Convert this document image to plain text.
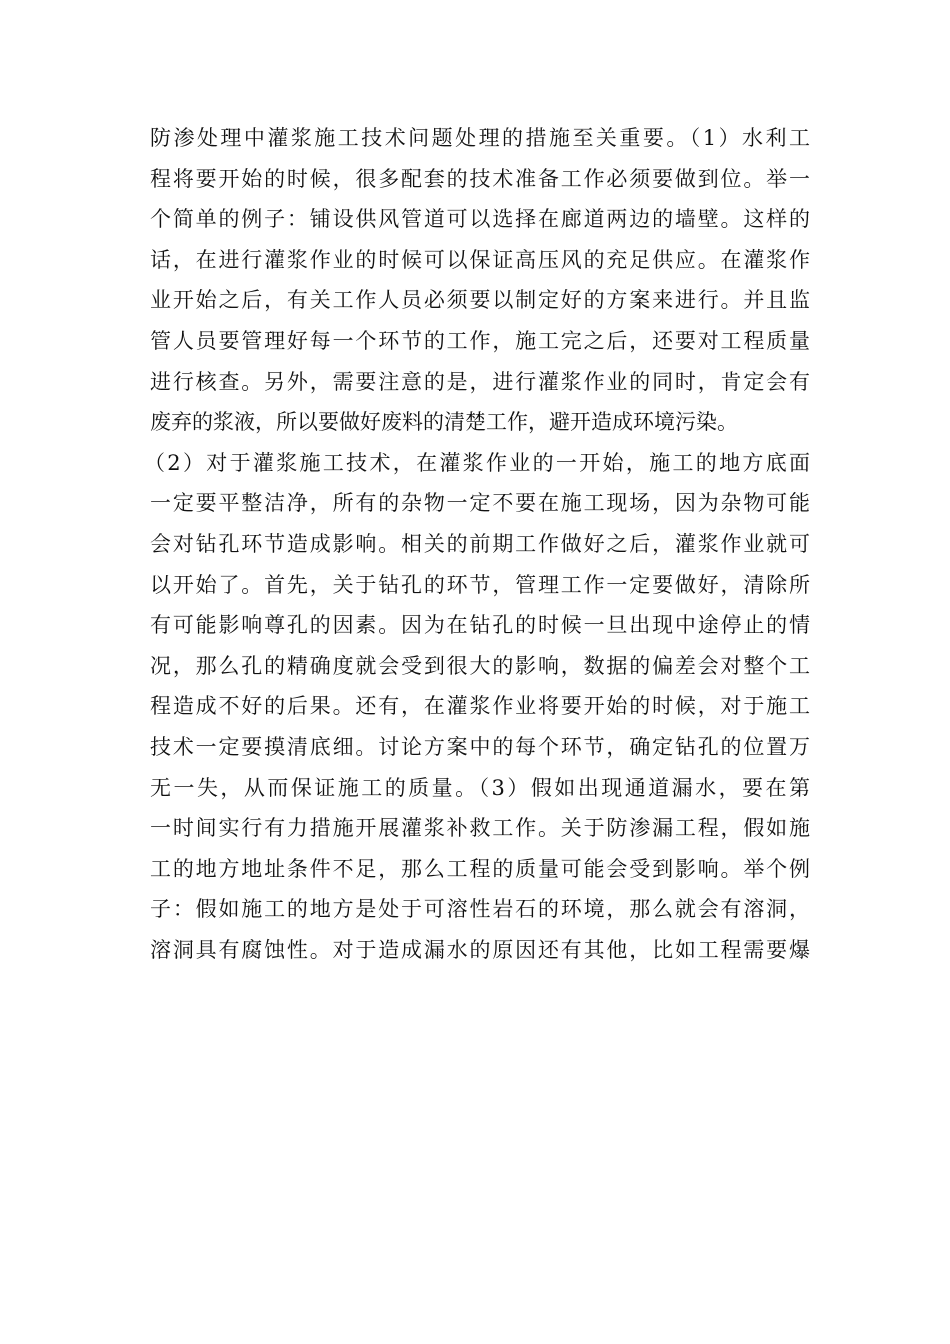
防渗处理中灌浆施工技术问题处理的措施至关重要。（1）水利工
程将要开始的时候，很多配套的技术准备工作必须要做到位。举一
个简单的例子：铺设供风管道可以选择在廊道两边的墙壁。这样的
话，在进行灌浆作业的时候可以保证高压风的充足供应。在灌浆作
业开始之后，有关工作人员必须要以制定好的方案来进行。并且监
管人员要管理好每一个环节的工作，施工完之后，还要对工程质量
进行核查。另外，需要注意的是，进行灌浆作业的同时，肯定会有
废弃的浆液，所以要做好废料的清楚工作，避开造成环境污染。
（2）对于灌浆施工技术，在灌浆作业的一开始，施工的地方底面
一定要平整洁净，所有的杂物一定不要在施工现场，因为杂物可能
会对钻孔环节造成影响。相关的前期工作做好之后，灌浆作业就可
以开始了。首先，关于钻孔的环节，管理工作一定要做好，清除所
有可能影响尊孔的因素。因为在钻孔的时候一旦出现中途停止的情
况，那么孔的精确度就会受到很大的影响，数据的偏差会对整个工
程造成不好的后果。还有，在灌浆作业将要开始的时候，对于施工
技术一定要摸清底细。讨论方案中的每个环节，确定钻孔的位置万
无一失，从而保证施工的质量。（3）假如出现通道漏水，要在第
一时间实行有力措施开展灌浆补救工作。关于防渗漏工程，假如施
工的地方地址条件不足，那么工程的质量可能会受到影响。举个例
子：假如施工的地方是处于可溶性岩石的环境，那么就会有溶洞，
溶洞具有腐蚀性。对于造成漏水的原因还有其他，比如工程需要爆
